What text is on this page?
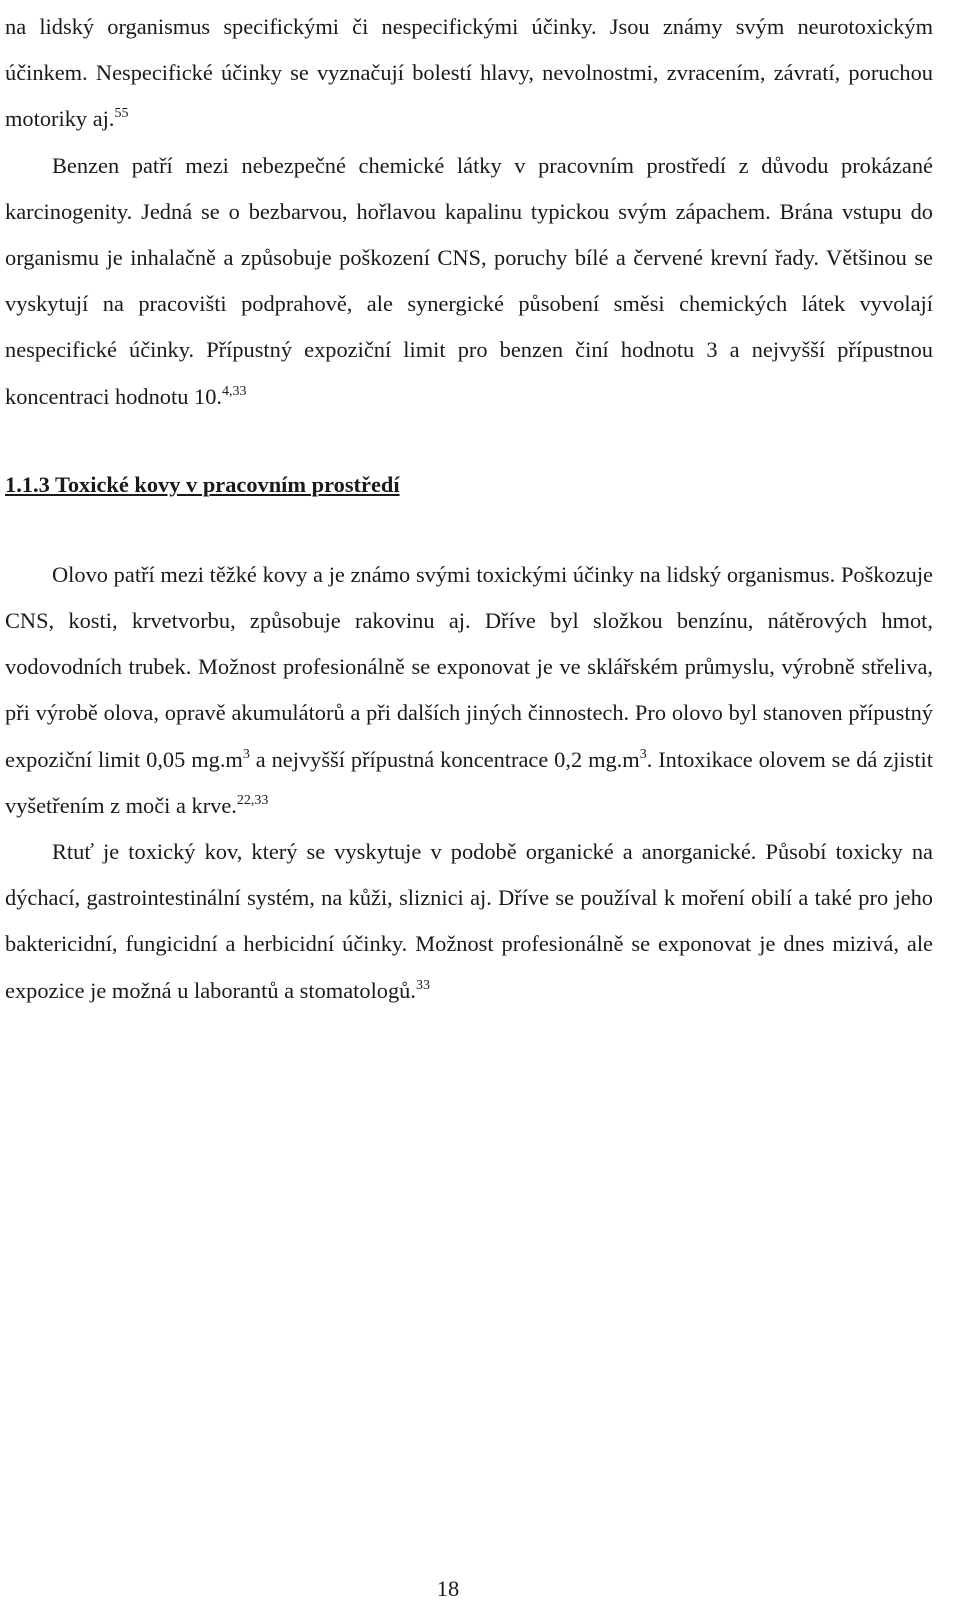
na lidský organismus specifickými či nespecifickými účinky. Jsou známy svým neurotoxickým účinkem. Nespecifické účinky se vyznačují bolestí hlavy, nevolnostmi, zvracením, závratí, poruchou motoriky aj.$^{55}$

Benzen patří mezi nebezpečné chemické látky v pracovním prostředí z důvodu prokázané karcinogenity. Jedná se o bezbarvou, hořlavou kapalinu typickou svým zápachem. Brána vstupu do organismu je inhalačně a způsobuje poškození CNS, poruchy bílé a červené krevní řady. Většinou se vyskytují na pracovišti podprahově, ale synergické působení směsi chemických látek vyvolají nespecifické účinky. Přípustný expoziční limit pro benzen činí hodnotu 3 a nejvyšší přípustnou koncentraci hodnotu 10.$^{4,33}$

1.1.3 Toxické kovy v pracovním prostředí

Olovo patří mezi těžké kovy a je známo svými toxickými účinky na lidský organismus. Poškozuje CNS, kosti, krvetvorbu, způsobuje rakovinu aj. Dříve byl složkou benzínu, nátěrových hmot, vodovodních trubek. Možnost profesionálně se exponovat je ve sklářském průmyslu, výrobně střeliva, při výrobě olova, opravě akumulátorů a při dalších jiných činnostech. Pro olovo byl stanoven přípustný expoziční limit 0,05 mg.m$^3$ a nejvyšší přípustná koncentrace 0,2 mg.m$^3$. Intoxikace olovem se dá zjistit vyšetřením z moči a krve.$^{22,33}$

Rtuť je toxický kov, který se vyskytuje v podobě organické a anorganické. Působí toxicky na dýchací, gastrointestinální systém, na kůži, sliznici aj. Dříve se používal k moření obilí a také pro jeho baktericidní, fungicidní a herbicidní účinky. Možnost profesionálně se exponovat je dnes mizivá, ale expozice je možná u laborantů a stomatologů.$^{33}$

18
